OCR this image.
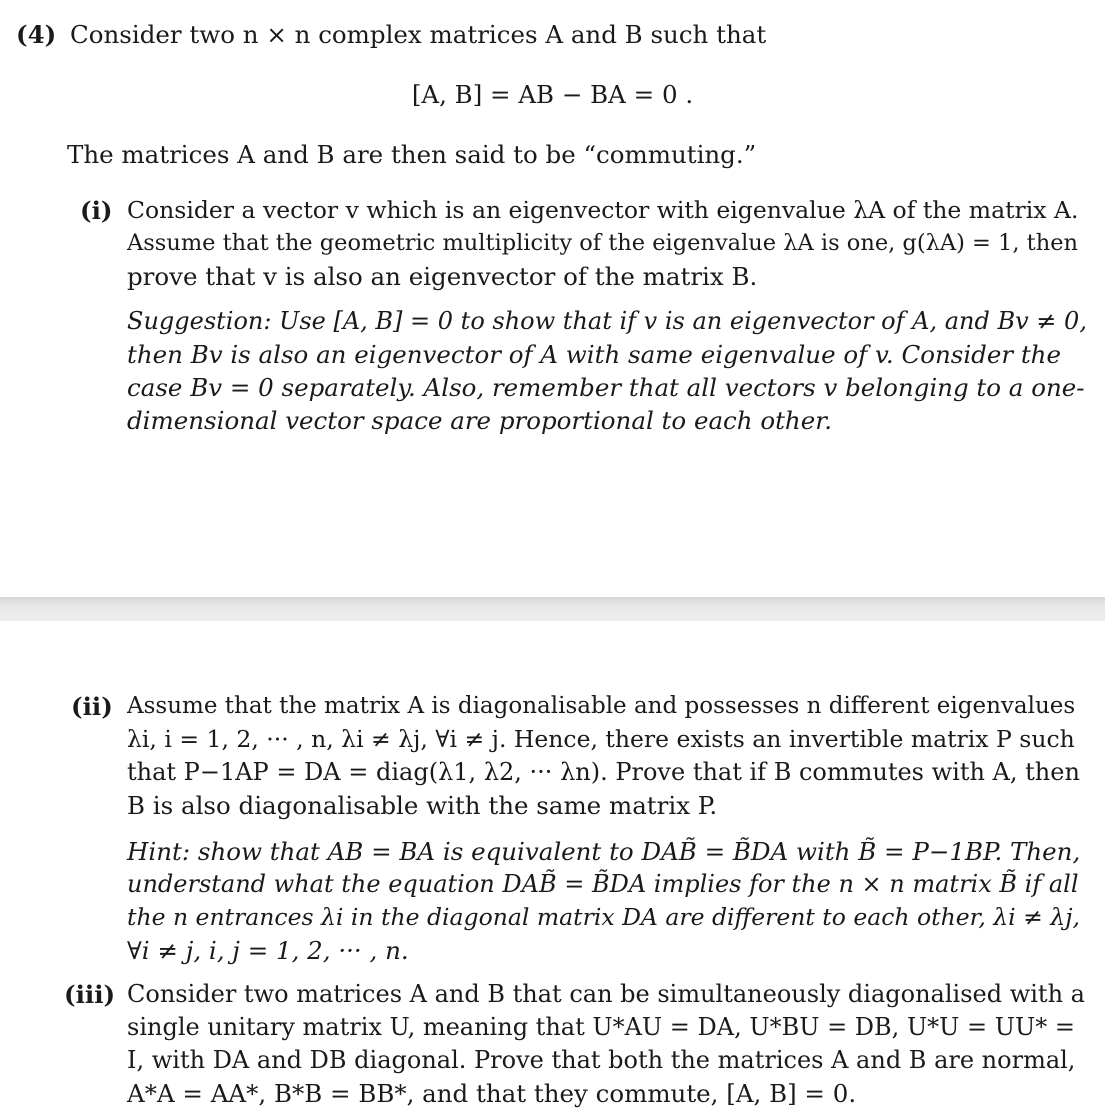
(4) Consider two n × n complex matrices A and B such that
[A, B] = AB − BA = 0 .
The matrices A and B are then said to be “commuting.”
(i) Consider a vector v which is an eigenvector with eigenvalue λA of the matrix A.
Assume that the geometric multiplicity of the eigenvalue λA is one, g(λA) = 1, then
prove that v is also an eigenvector of the matrix B.
Suggestion: Use [A, B] = 0 to show that if v is an eigenvector of A, and Bv ≠ 0,
then Bv is also an eigenvector of A with same eigenvalue of v. Consider the
case Bv = 0 separately. Also, remember that all vectors v belonging to a one-
dimensional vector space are proportional to each other.
(ii) Assume that the matrix A is diagonalisable and possesses n different eigenvalues
λi, i = 1, 2, ··· , n, λi ≠ λj, ∀i ≠ j. Hence, there exists an invertible matrix P such
that P−1AP = DA = diag(λ1, λ2, ··· λn). Prove that if B commutes with A, then
B is also diagonalisable with the same matrix P.
Hint: show that AB = BA is equivalent to DAB̃ = B̃DA with B̃ = P−1BP. Then,
understand what the equation DAB̃ = B̃DA implies for the n × n matrix B̃ if all
the n entrances λi in the diagonal matrix DA are different to each other, λi ≠ λj,
∀i ≠ j, i, j = 1, 2, ··· , n.
(iii) Consider two matrices A and B that can be simultaneously diagonalised with a
single unitary matrix U, meaning that U*AU = DA, U*BU = DB, U*U = UU* =
I, with DA and DB diagonal. Prove that both the matrices A and B are normal,
A*A = AA*, B*B = BB*, and that they commute, [A, B] = 0.
